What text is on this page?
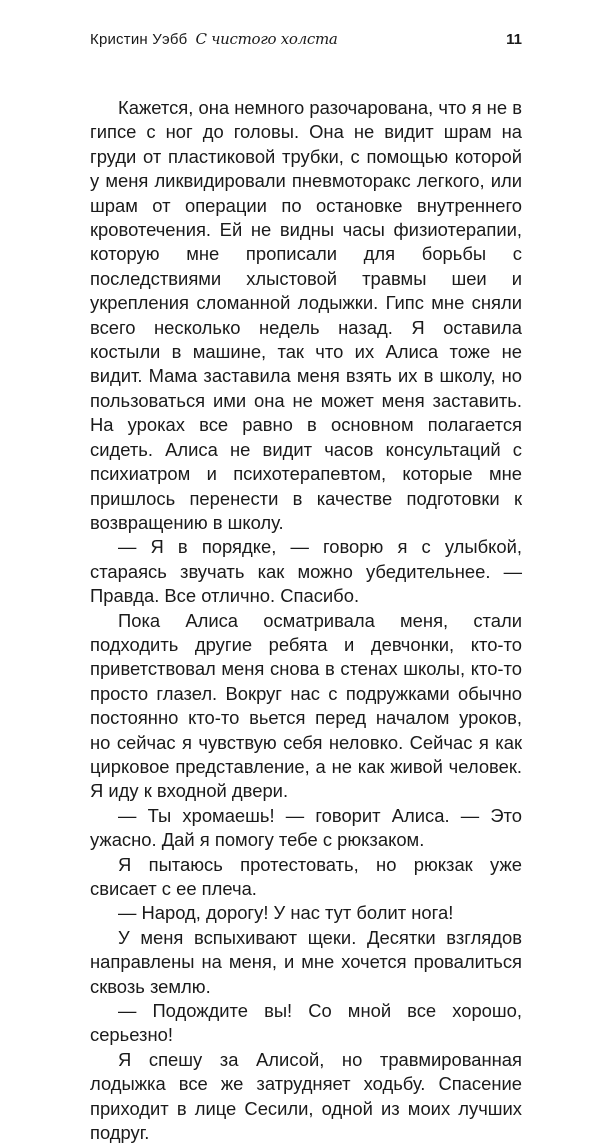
Кристин Уэбб С чистого холста	11

Кажется, она немного разочарована, что я не в гипсе с ног до головы. Она не видит шрам на груди от пластиковой трубки, с помощью которой у меня ликвидировали пневмоторакс легкого, или шрам от операции по остановке внутреннего кровотечения. Ей не видны часы физиотерапии, которую мне прописали для борьбы с последствиями хлыстовой травмы шеи и укрепления сломанной лодыжки. Гипс мне сняли всего несколько недель назад. Я оставила костыли в машине, так что их Алиса тоже не видит. Мама заставила меня взять их в школу, но пользоваться ими она не может меня заставить. На уроках все равно в основном полагается сидеть. Алиса не видит часов консультаций с психиатром и психотерапевтом, которые мне пришлось перенести в качестве подготовки к возвращению в школу.

— Я в порядке, — говорю я с улыбкой, стараясь звучать как можно убедительнее. — Правда. Все отлично. Спасибо.

Пока Алиса осматривала меня, стали подходить другие ребята и девчонки, кто-то приветствовал меня снова в стенах школы, кто-то просто глазел. Вокруг нас с подружками обычно постоянно кто-то вьется перед началом уроков, но сейчас я чувствую себя неловко. Сейчас я как цирковое представление, а не как живой человек. Я иду к входной двери.

— Ты хромаешь! — говорит Алиса. — Это ужасно. Дай я помогу тебе с рюкзаком.

Я пытаюсь протестовать, но рюкзак уже свисает с ее плеча.

— Народ, дорогу! У нас тут болит нога!

У меня вспыхивают щеки. Десятки взглядов направлены на меня, и мне хочется провалиться сквозь землю.

— Подождите вы! Со мной все хорошо, серьезно!

Я спешу за Алисой, но травмированная лодыжка все же затрудняет ходьбу. Спасение приходит в лице Сесили, одной из моих лучших подруг.
